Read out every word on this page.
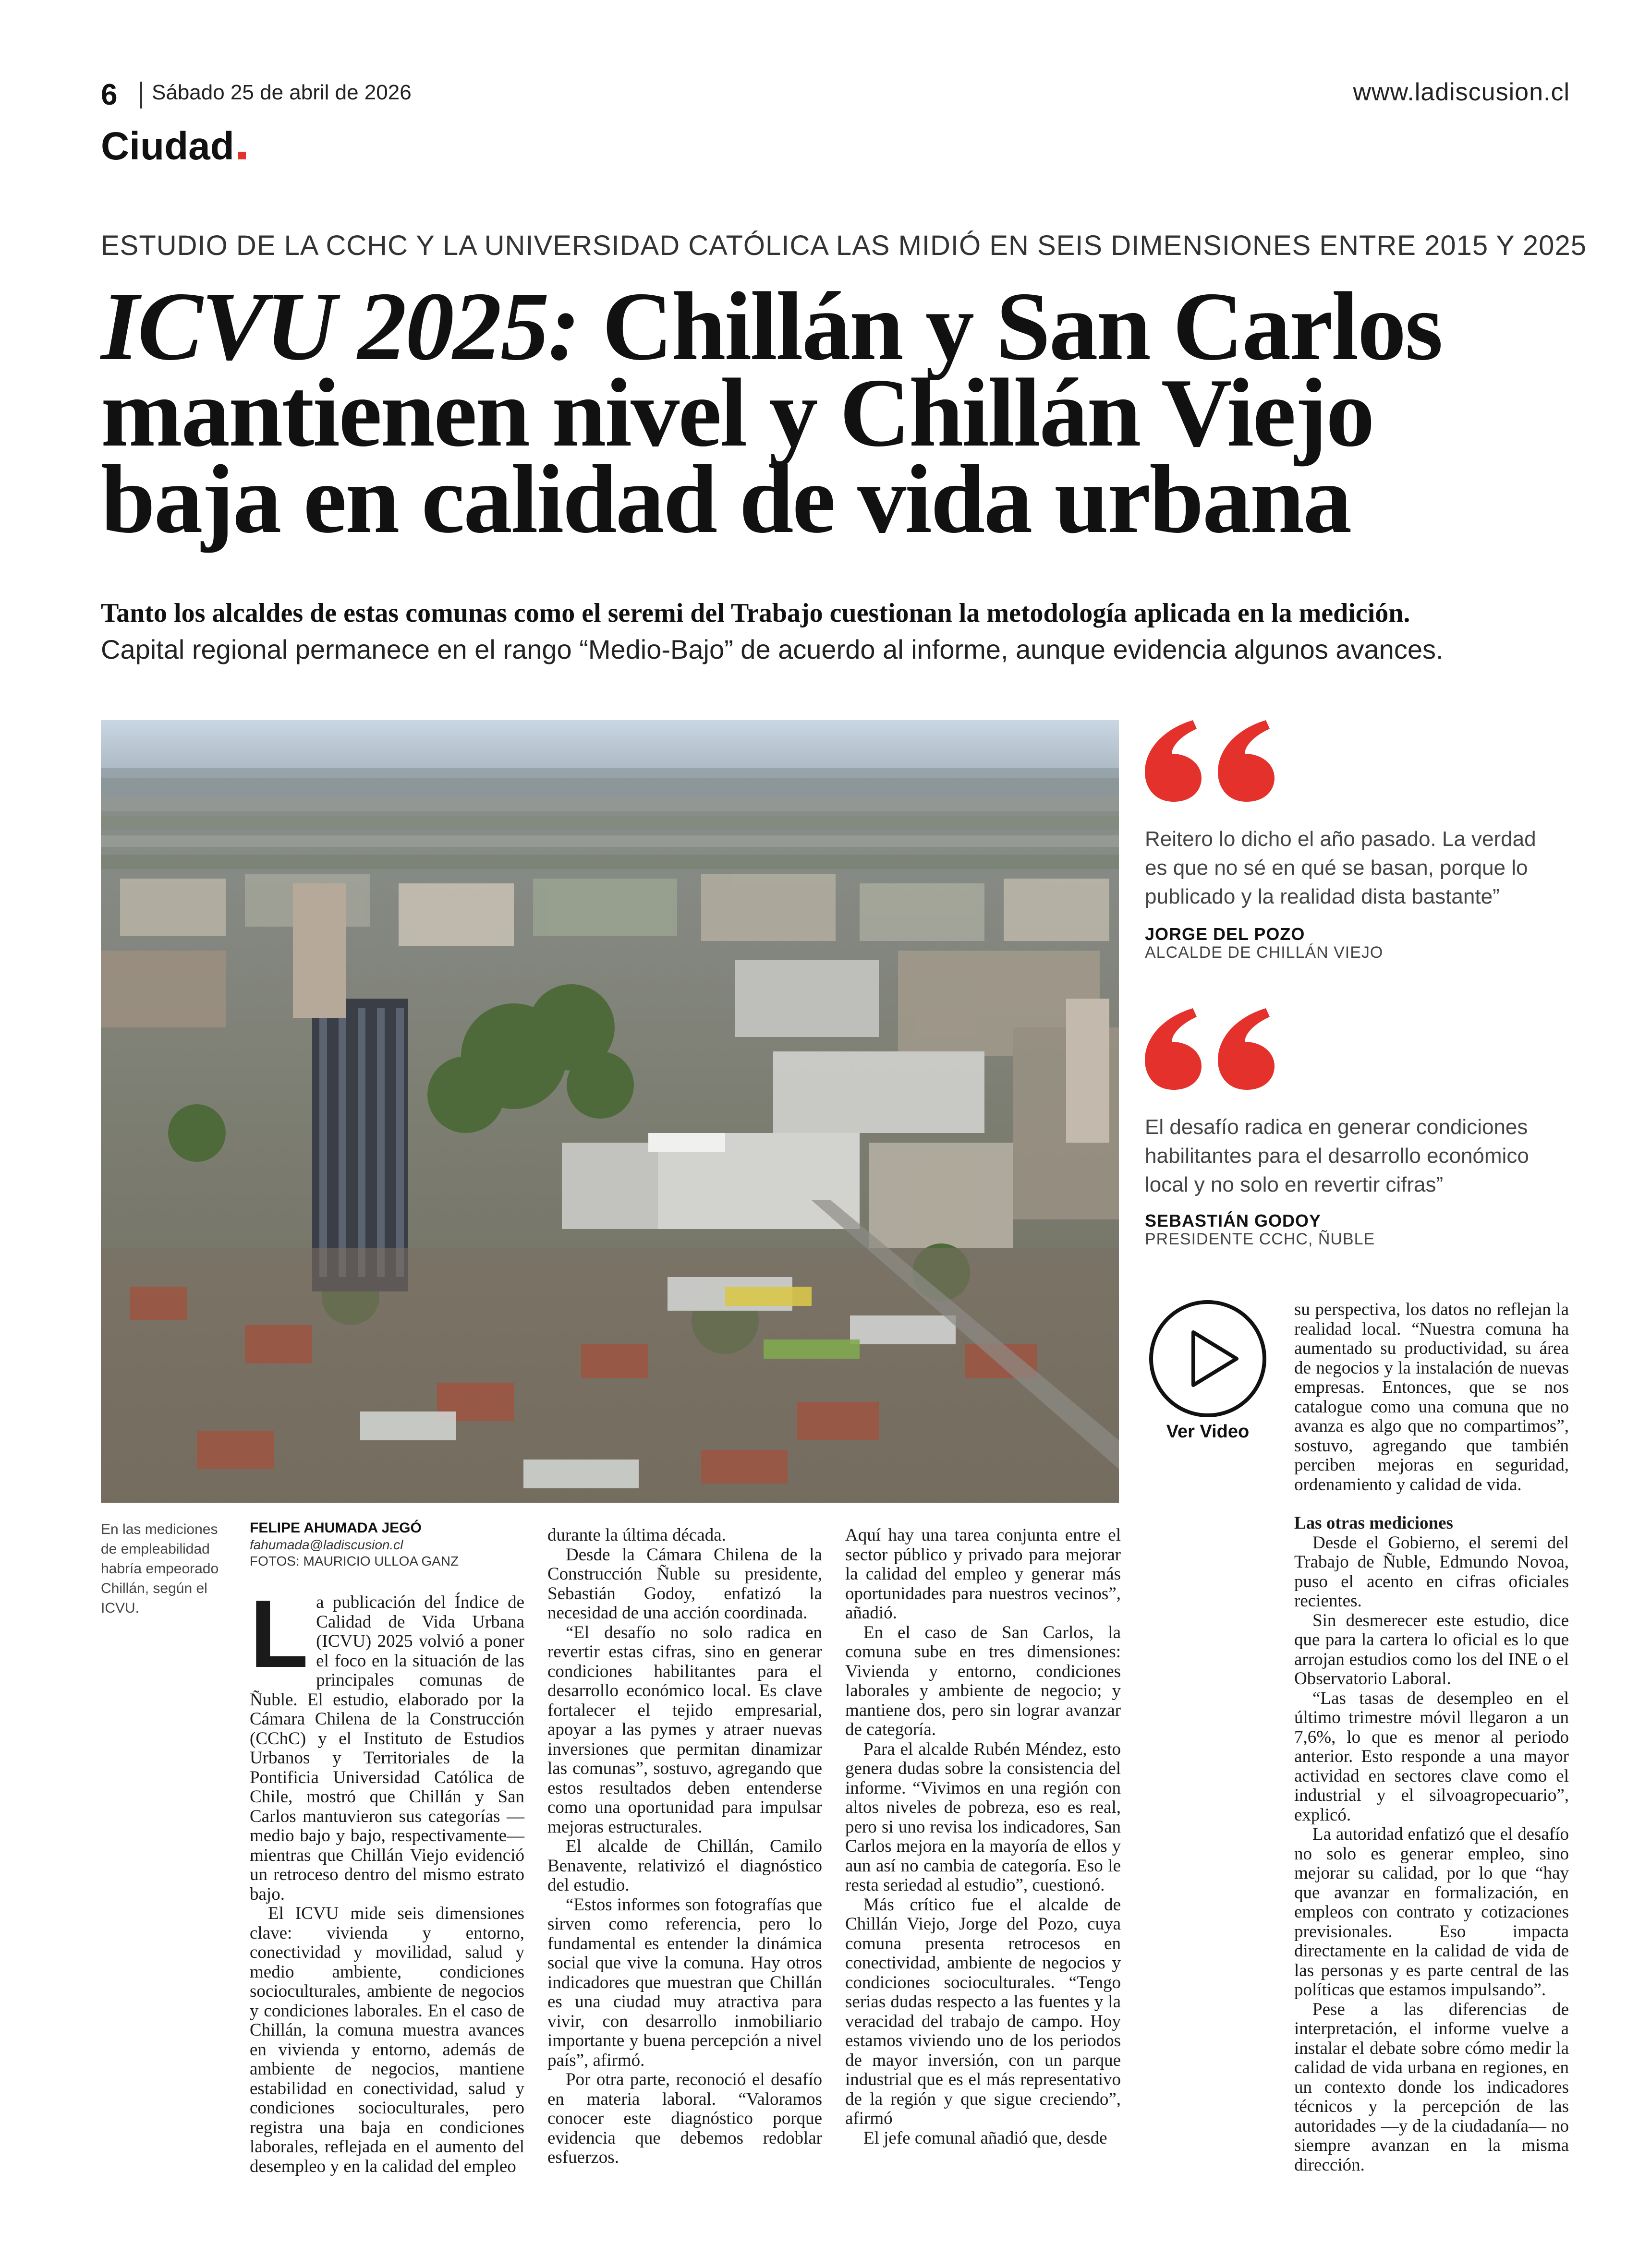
6 Sábado 25 de abril de 2026	www.ladiscusion.cl
Ciudad
ESTUDIO DE LA CCHC Y LA UNIVERSIDAD CATÓLICA LAS MIDIÓ EN SEIS DIMENSIONES ENTRE 2015 Y 2025
ICVU 2025: Chillán y San Carlos mantienen nivel y Chillán Viejo baja en calidad de vida urbana
Tanto los alcaldes de estas comunas como el seremi del Trabajo cuestionan la metodología aplicada en la medición.
Capital regional permanece en el rango “Medio-Bajo” de acuerdo al informe, aunque evidencia algunos avances.
Reitero lo dicho el año pasado. La verdad es que no sé en qué se basan, porque lo publicado y la realidad dista bastante”
JORGE DEL POZO
ALCALDE DE CHILLÁN VIEJO
El desafío radica en generar condiciones habilitantes para el desarrollo económico local y no solo en revertir cifras”
SEBASTIÁN GODOY
PRESIDENTE CCHC, ÑUBLE
Ver Video
En las mediciones de empleabilidad habría empeorado Chillán, según el ICVU.
FELIPE AHUMADA JEGÓ
fahumada@ladiscusion.cl
FOTOS: MAURICIO ULLOA GANZ

La publicación del Índice de Calidad de Vida Urbana (ICVU) 2025 volvió a poner el foco en la situación de las principales comunas de Ñuble. El estudio, elaborado por la Cámara Chilena de la Construcción (CChC) y el Instituto de Estudios Urbanos y Territoriales de la Pontificia Universidad Católica de Chile, mostró que Chillán y San Carlos mantuvieron sus categorías —medio bajo y bajo, respectivamente— mientras que Chillán Viejo evidenció un retroceso dentro del mismo estrato bajo.

El ICVU mide seis dimensiones clave: vivienda y entorno, conectividad y movilidad, salud y medio ambiente, condiciones socioculturales, ambiente de negocios y condiciones laborales. En el caso de Chillán, la comuna muestra avances en vivienda y entorno, además de ambiente de negocios, mantiene estabilidad en conectividad, salud y condiciones socioculturales, pero registra una baja en condiciones laborales, reflejada en el aumento del desempleo y en la calidad del empleo

durante la última década.

Desde la Cámara Chilena de la Construcción Ñuble su presidente, Sebastián Godoy, enfatizó la necesidad de una acción coordinada.

“El desafío no solo radica en revertir estas cifras, sino en generar condiciones habilitantes para el desarrollo económico local. Es clave fortalecer el tejido empresarial, apoyar a las pymes y atraer nuevas inversiones que permitan dinamizar las comunas”, sostuvo, agregando que estos resultados deben entenderse como una oportunidad para impulsar mejoras estructurales.

El alcalde de Chillán, Camilo Benavente, relativizó el diagnóstico del estudio.

“Estos informes son fotografías que sirven como referencia, pero lo fundamental es entender la dinámica social que vive la comuna. Hay otros indicadores que muestran que Chillán es una ciudad muy atractiva para vivir, con desarrollo inmobiliario importante y buena percepción a nivel país”, afirmó.

Por otra parte, reconoció el desafío en materia laboral. “Valoramos conocer este diagnóstico porque evidencia que debemos redoblar esfuerzos.

Aquí hay una tarea conjunta entre el sector público y privado para mejorar la calidad del empleo y generar más oportunidades para nuestros vecinos”, añadió.

En el caso de San Carlos, la comuna sube en tres dimensiones: Vivienda y entorno, condiciones laborales y ambiente de negocio; y mantiene dos, pero sin lograr avanzar de categoría.

Para el alcalde Rubén Méndez, esto genera dudas sobre la consistencia del informe. “Vivimos en una región con altos niveles de pobreza, eso es real, pero si uno revisa los indicadores, San Carlos mejora en la mayoría de ellos y aun así no cambia de categoría. Eso le resta seriedad al estudio”, cuestionó.

Más crítico fue el alcalde de Chillán Viejo, Jorge del Pozo, cuya comuna presenta retrocesos en conectividad, ambiente de negocios y condiciones socioculturales. “Tengo serias dudas respecto a las fuentes y la veracidad del trabajo de campo. Hoy estamos viviendo uno de los periodos de mayor inversión, con un parque industrial que es el más representativo de la región y que sigue creciendo”, afirmó

El jefe comunal añadió que, desde

su perspectiva, los datos no reflejan la realidad local. “Nuestra comuna ha aumentado su productividad, su área de negocios y la instalación de nuevas empresas. Entonces, que se nos catalogue como una comuna que no avanza es algo que no compartimos”, sostuvo, agregando que también perciben mejoras en seguridad, ordenamiento y calidad de vida.

Las otras mediciones

Desde el Gobierno, el seremi del Trabajo de Ñuble, Edmundo Novoa, puso el acento en cifras oficiales recientes.

Sin desmerecer este estudio, dice que para la cartera lo oficial es lo que arrojan estudios como los del INE o el Observatorio Laboral.

“Las tasas de desempleo en el último trimestre móvil llegaron a un 7,6%, lo que es menor al periodo anterior. Esto responde a una mayor actividad en sectores clave como el industrial y el silvoagropecuario”, explicó.

La autoridad enfatizó que el desafío no solo es generar empleo, sino mejorar su calidad, por lo que “hay que avanzar en formalización, en empleos con contrato y cotizaciones previsionales. Eso impacta directamente en la calidad de vida de las personas y es parte central de las políticas que estamos impulsando”.

Pese a las diferencias de interpretación, el informe vuelve a instalar el debate sobre cómo medir la calidad de vida urbana en regiones, en un contexto donde los indicadores técnicos y la percepción de las autoridades —y de la ciudadanía— no siempre avanzan en la misma dirección.
